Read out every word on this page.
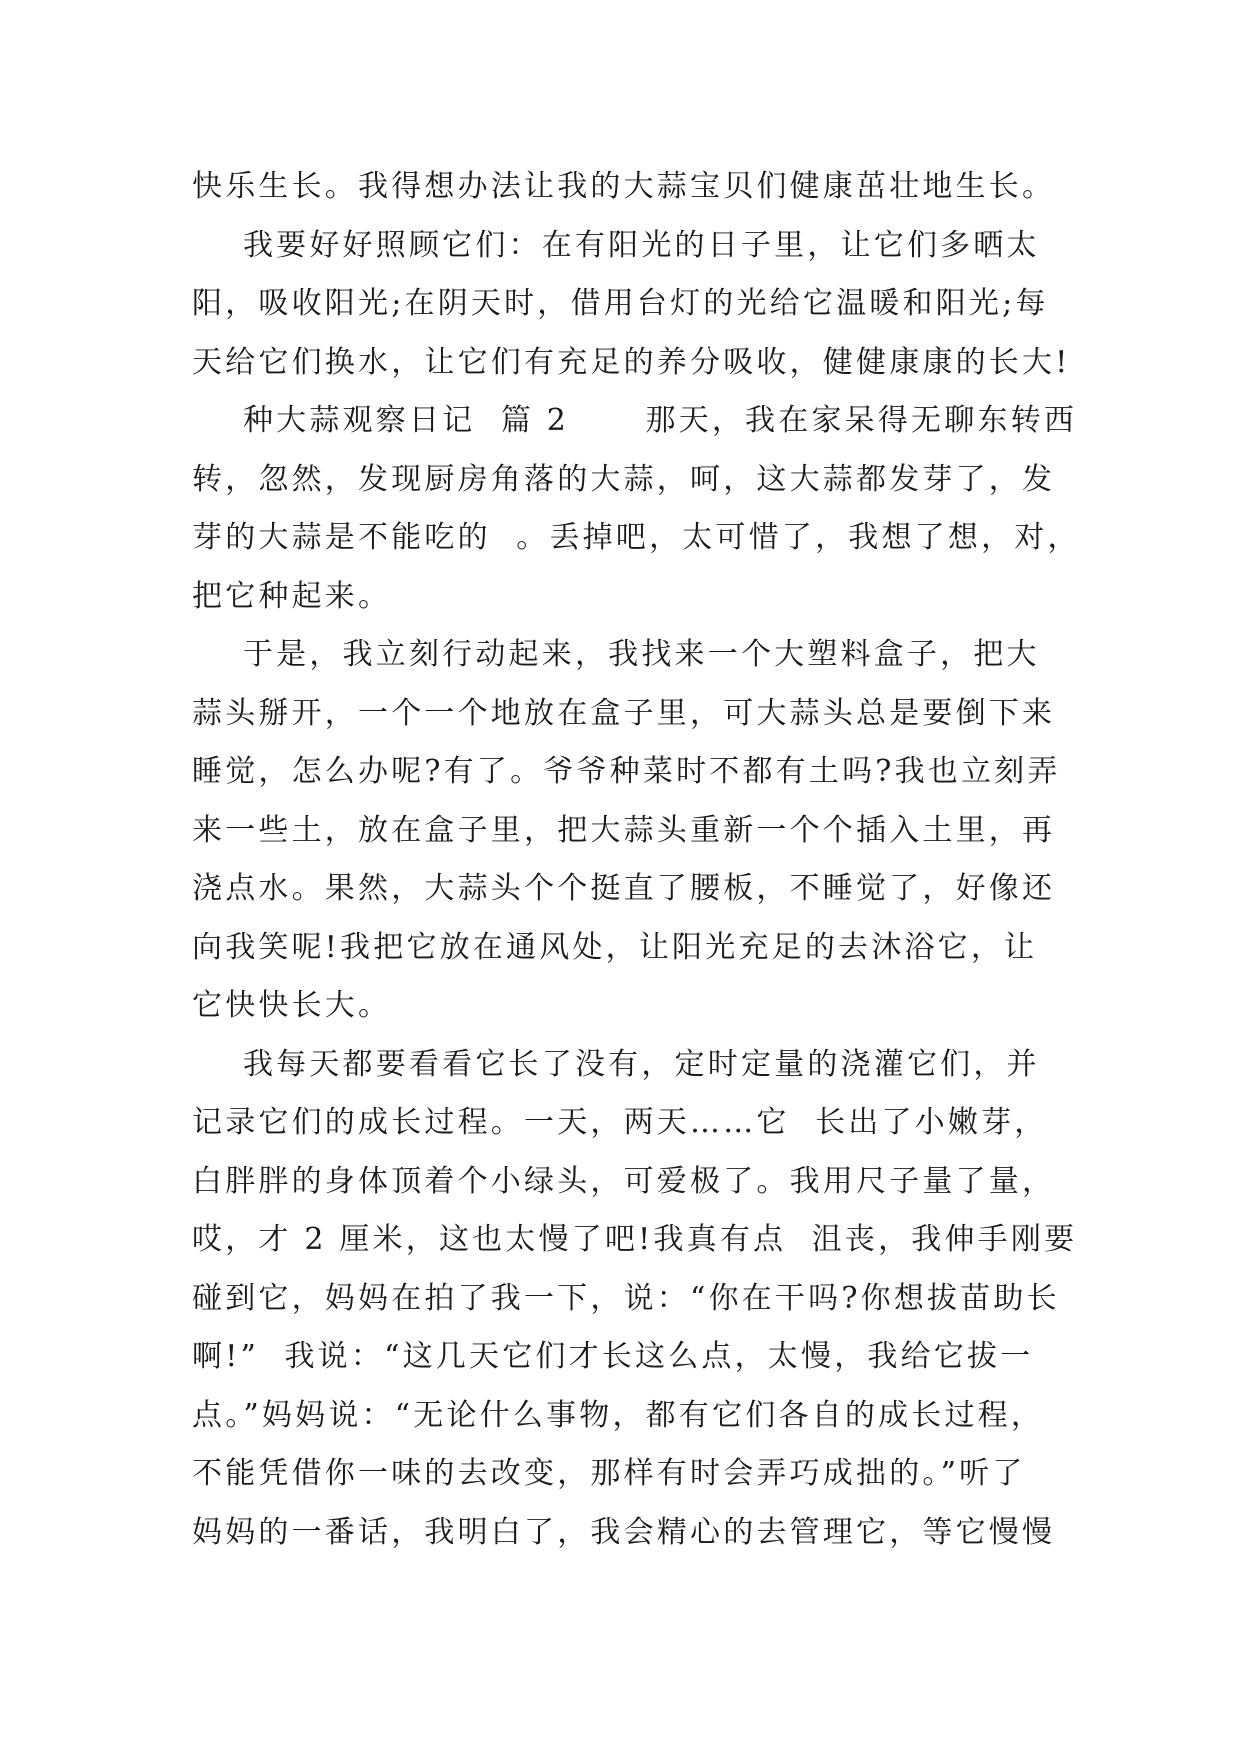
快乐生长。我得想办法让我的大蒜宝贝们健康茁壮地生长。
我要好好照顾它们：在有阳光的日子里，让它们多晒太
阳，吸收阳光;在阴天时，借用台灯的光给它温暖和阳光;每
天给它们换水，让它们有充足的养分吸收，健健康康的长大!
种大蒜观察日记  篇 2      那天，我在家呆得无聊东转西
转，忽然，发现厨房角落的大蒜，呵，这大蒜都发芽了，发
芽的大蒜是不能吃的  。丢掉吧，太可惜了，我想了想，对，
把它种起来。
于是，我立刻行动起来，我找来一个大塑料盒子，把大
蒜头掰开，一个一个地放在盒子里，可大蒜头总是要倒下来
睡觉，怎么办呢?有了。爷爷种菜时不都有土吗?我也立刻弄
来一些土，放在盒子里，把大蒜头重新一个个插入土里，再
浇点水。果然，大蒜头个个挺直了腰板，不睡觉了，好像还
向我笑呢!我把它放在通风处，让阳光充足的去沐浴它，让
它快快长大。
我每天都要看看它长了没有，定时定量的浇灌它们，并
记录它们的成长过程。一天，两天……它  长出了小嫩芽，
白胖胖的身体顶着个小绿头，可爱极了。我用尺子量了量，
哎，才 2 厘米，这也太慢了吧!我真有点  沮丧，我伸手刚要
碰到它，妈妈在拍了我一下，说：“你在干吗?你想拔苗助长
啊!”  我说：“这几天它们才长这么点，太慢，我给它拔一
点。”妈妈说：“无论什么事物，都有它们各自的成长过程，
不能凭借你一味的去改变，那样有时会弄巧成拙的。”听了
妈妈的一番话，我明白了，我会精心的去管理它，等它慢慢
